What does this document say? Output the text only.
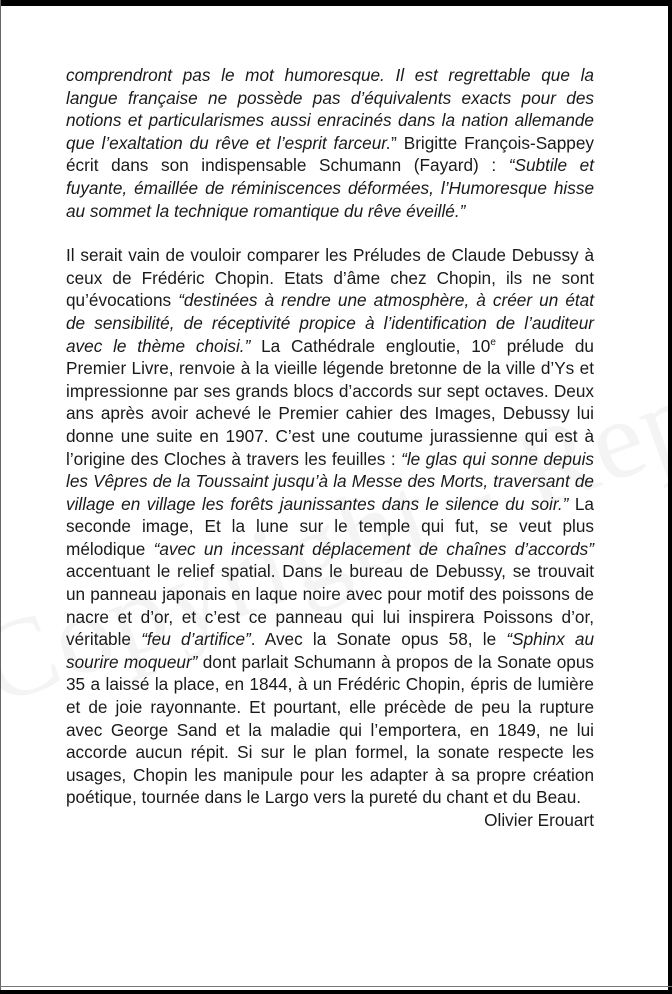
comprendront pas le mot humoresque. Il est regrettable que la langue française ne possède pas d’équivalents exacts pour des notions et particularismes aussi enracinés dans la nation allemande que l’exaltation du rêve et l’esprit farceur.” Brigitte François-Sappey écrit dans son indispensable Schumann (Fayard) : “Subtile et fuyante, émaillée de réminiscences déformées, l’Humoresque hisse au sommet la technique romantique du rêve éveillé.”

Il serait vain de vouloir comparer les Préludes de Claude Debussy à ceux de Frédéric Chopin. Etats d’âme chez Chopin, ils ne sont qu’évocations “destinées à rendre une atmosphère, à créer un état de sensibilité, de réceptivité propice à l’identification de l’auditeur avec le thème choisi.” La Cathédrale engloutie, 10e prélude du Premier Livre, renvoie à la vieille légende bretonne de la ville d’Ys et impressionne par ses grands blocs d’accords sur sept octaves. Deux ans après avoir achevé le Premier cahier des Images, Debussy lui donne une suite en 1907. C’est une coutume jurassienne qui est à l’origine des Cloches à travers les feuilles : “le glas qui sonne depuis les Vêpres de la Toussaint jusqu’à la Messe des Morts, traversant de village en village les forêts jaunissantes dans le silence du soir.” La seconde image, Et la lune sur le temple qui fut, se veut plus mélodique “avec un incessant déplacement de chaînes d’accords” accentuant le relief spatial. Dans le bureau de Debussy, se trouvait un panneau japonais en laque noire avec pour motif des poissons de nacre et d’or, et c’est ce panneau qui lui inspirera Poissons d’or, véritable “feu d’artifice”. Avec la Sonate opus 58, le “Sphinx au sourire moqueur” dont parlait Schumann à propos de la Sonate opus 35 a laissé la place, en 1844, à un Frédéric Chopin, épris de lumière et de joie rayonnante. Et pourtant, elle précède de peu la rupture avec George Sand et la maladie qui l’emportera, en 1849, ne lui accorde aucun répit. Si sur le plan formel, la sonate respecte les usages, Chopin les manipule pour les adapter à sa propre création poétique, tournée dans le Largo vers la pureté du chant et du Beau.

Olivier Erouart
